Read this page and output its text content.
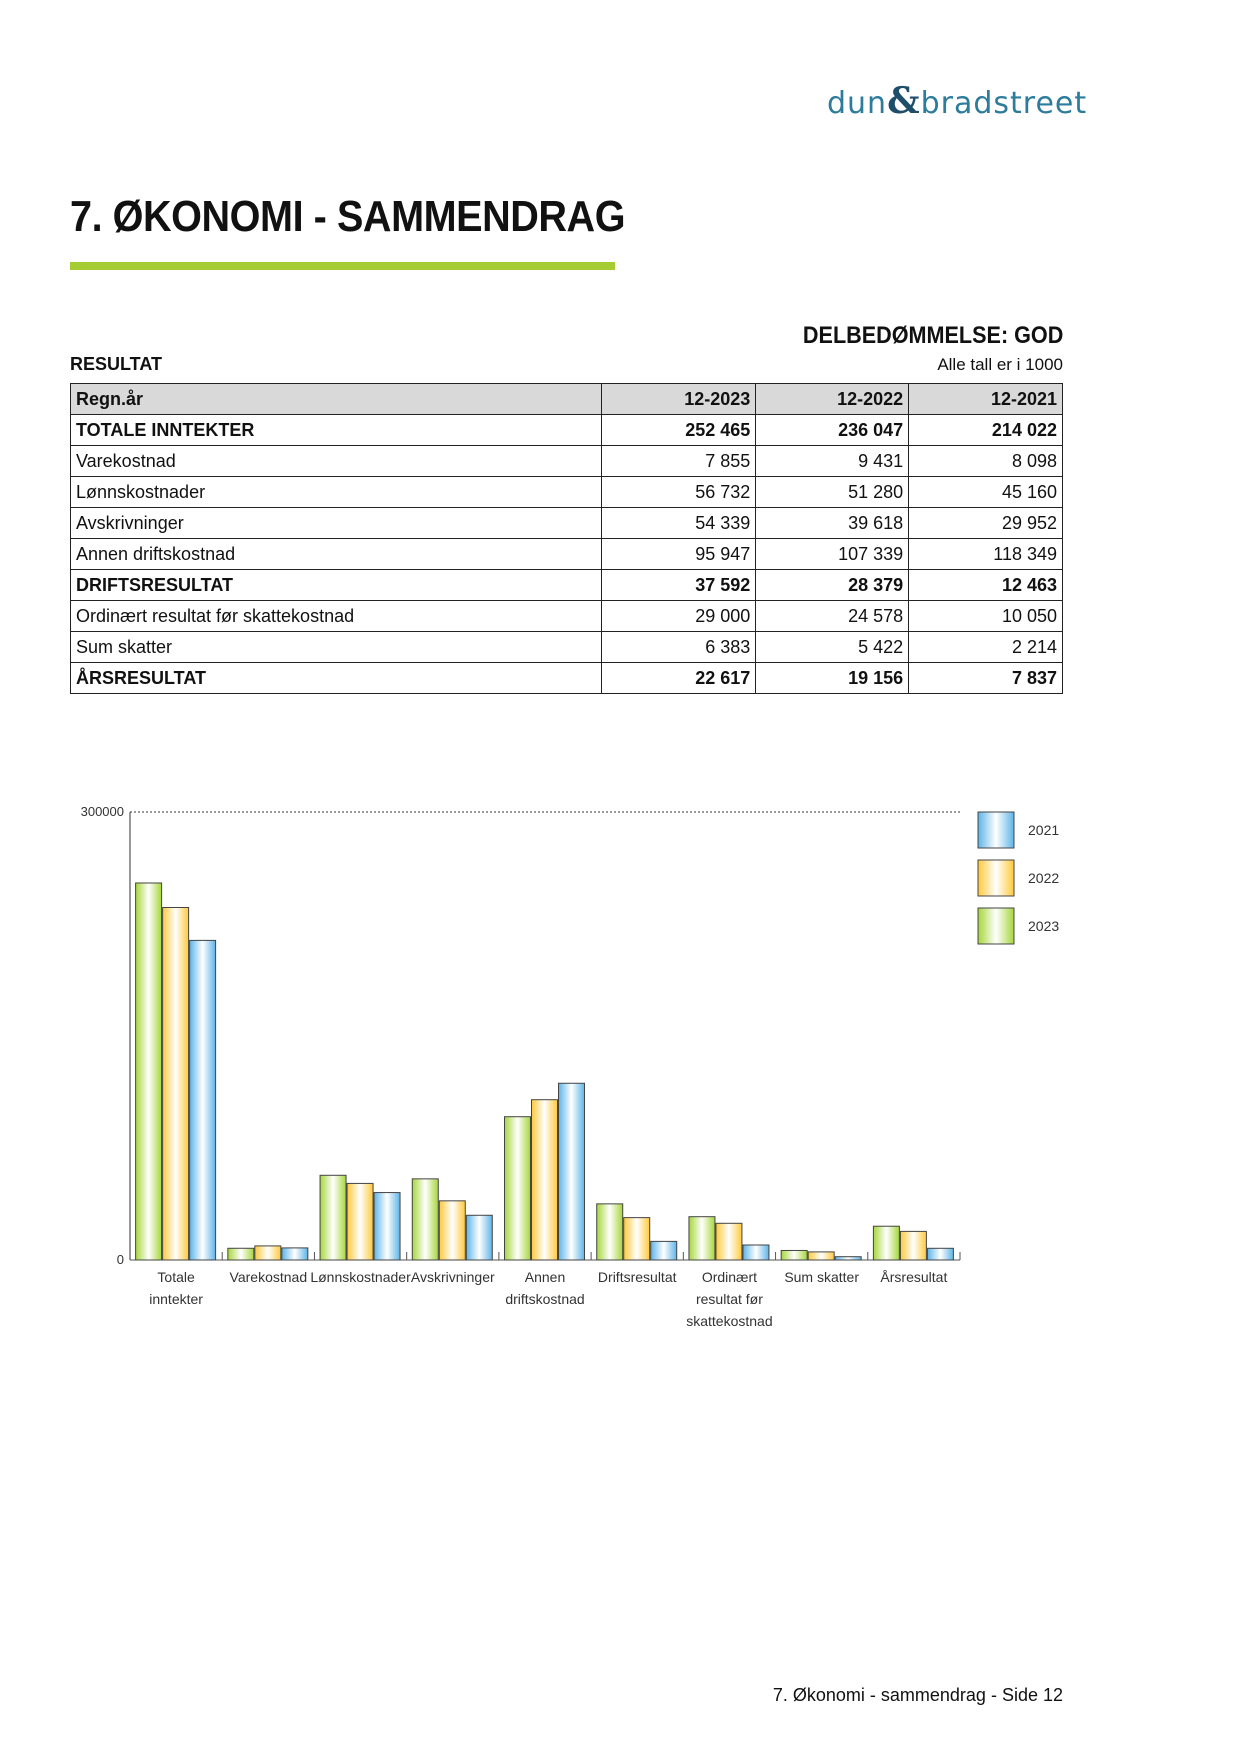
dun&bradstreet
7. ØKONOMI - SAMMENDRAG
DELBEDØMMELSE: GOD
RESULTAT	Alle tall er i 1000
Regn.år	12-2023	12-2022	12-2021
TOTALE INNTEKTER	252 465	236 047	214 022
Varekostnad	7 855	9 431	8 098
Lønnskostnader	56 732	51 280	45 160
Avskrivninger	54 339	39 618	29 952
Annen driftskostnad	95 947	107 339	118 349
DRIFTSRESULTAT	37 592	28 379	12 463
Ordinært resultat før skattekostnad	29 000	24 578	10 050
Sum skatter	6 383	5 422	2 214
ÅRSRESULTAT	22 617	19 156	7 837
0
300000
Totale
inntekter
Varekostnad Lønnskostnader Avskrivninger Annen
driftskostnad
Driftsresultat Ordinært
resultat før
skattekostnad
Sum skatter Årsresultat
2021
2022
2023
7. Økonomi - sammendrag - Side 12
